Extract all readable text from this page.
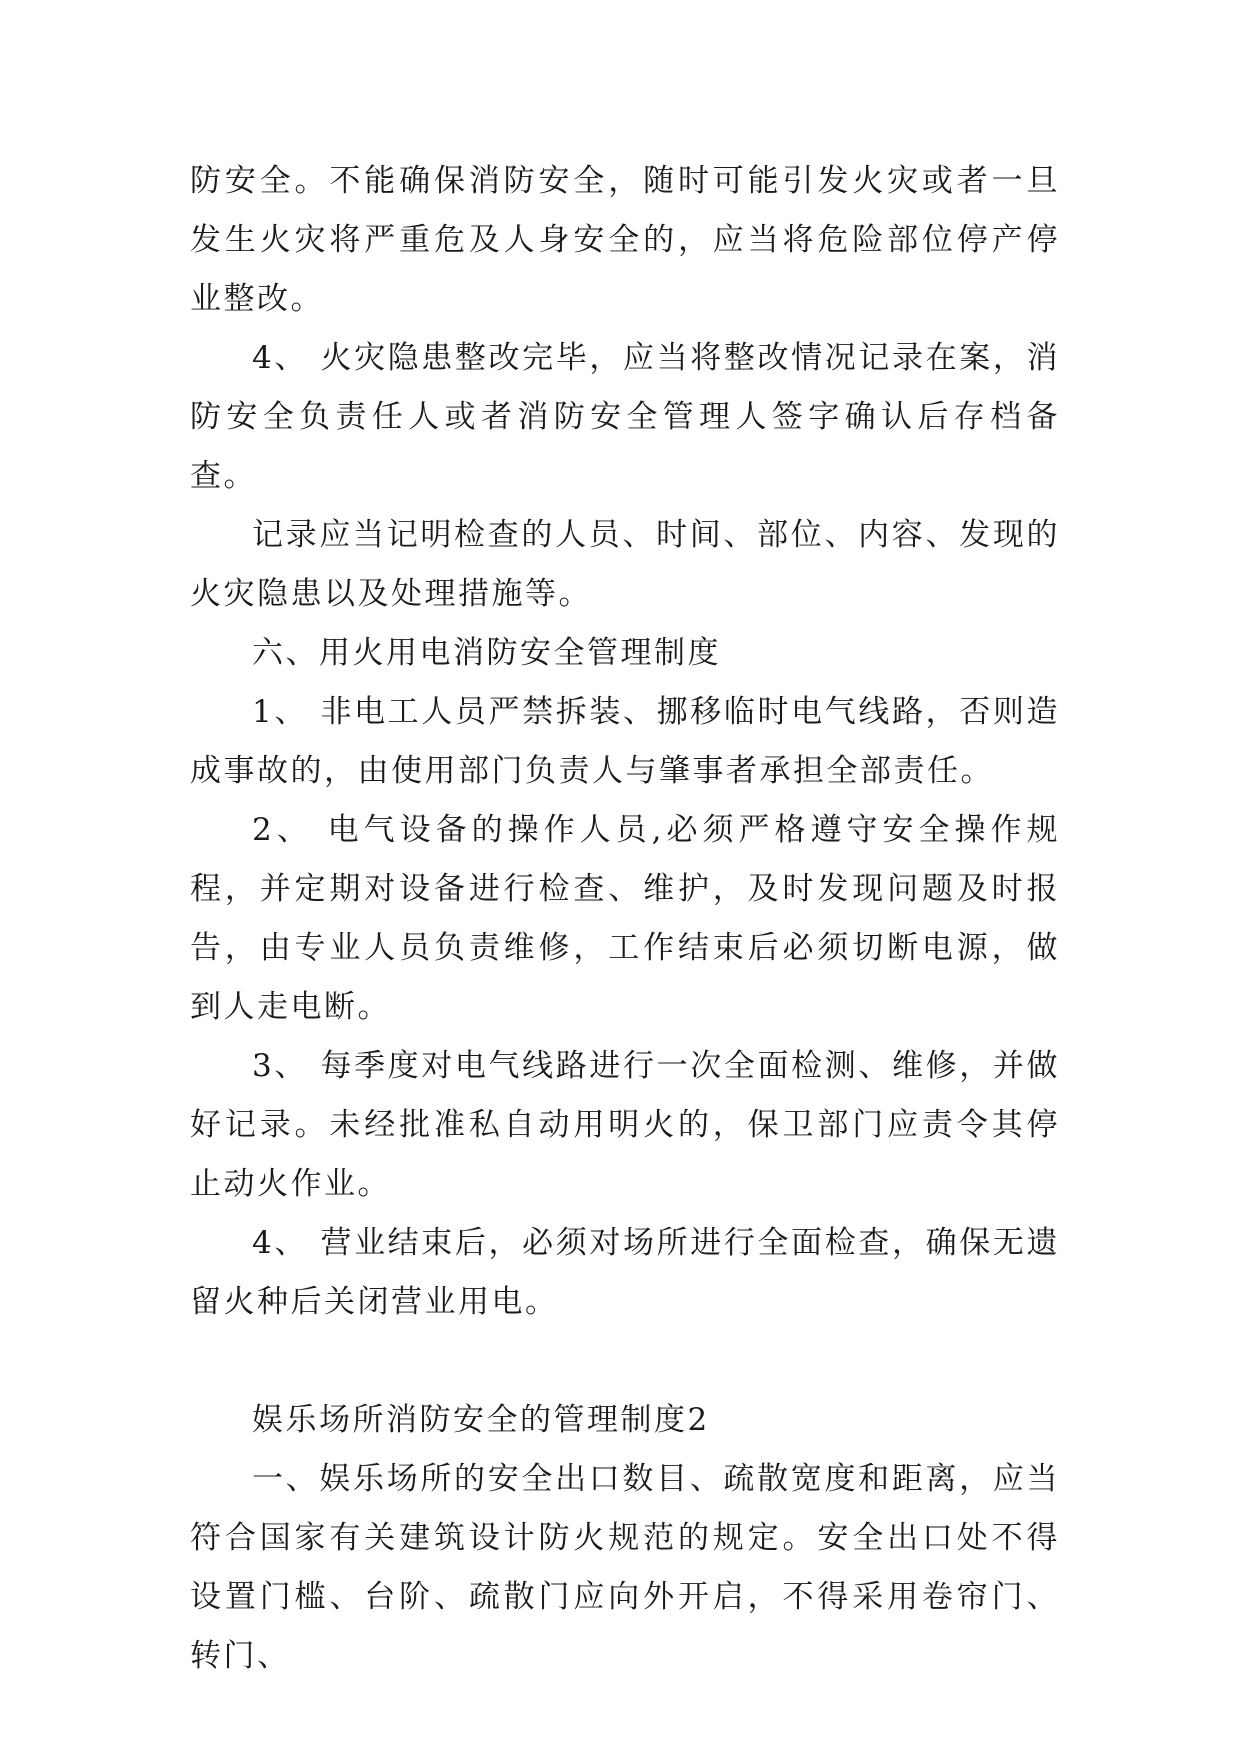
防安全。不能确保消防安全，随时可能引发火灾或者一旦发生火灾将严重危及人身安全的，应当将危险部位停产停业整改。

4、 火灾隐患整改完毕，应当将整改情况记录在案，消防安全负责任人或者消防安全管理人签字确认后存档备查。

记录应当记明检查的人员、时间、部位、内容、发现的火灾隐患以及处理措施等。

六、用火用电消防安全管理制度

1、 非电工人员严禁拆装、挪移临时电气线路，否则造成事故的，由使用部门负责人与肇事者承担全部责任。

2、 电气设备的操作人员,必须严格遵守安全操作规程，并定期对设备进行检查、维护，及时发现问题及时报告，由专业人员负责维修，工作结束后必须切断电源，做到人走电断。

3、 每季度对电气线路进行一次全面检测、维修，并做好记录。未经批准私自动用明火的，保卫部门应责令其停止动火作业。

4、 营业结束后，必须对场所进行全面检查，确保无遗留火种后关闭营业用电。

娱乐场所消防安全的管理制度2

一、娱乐场所的安全出口数目、疏散宽度和距离，应当符合国家有关建筑设计防火规范的规定。安全出口处不得设置门槛、台阶、疏散门应向外开启，不得采用卷帘门、转门、
